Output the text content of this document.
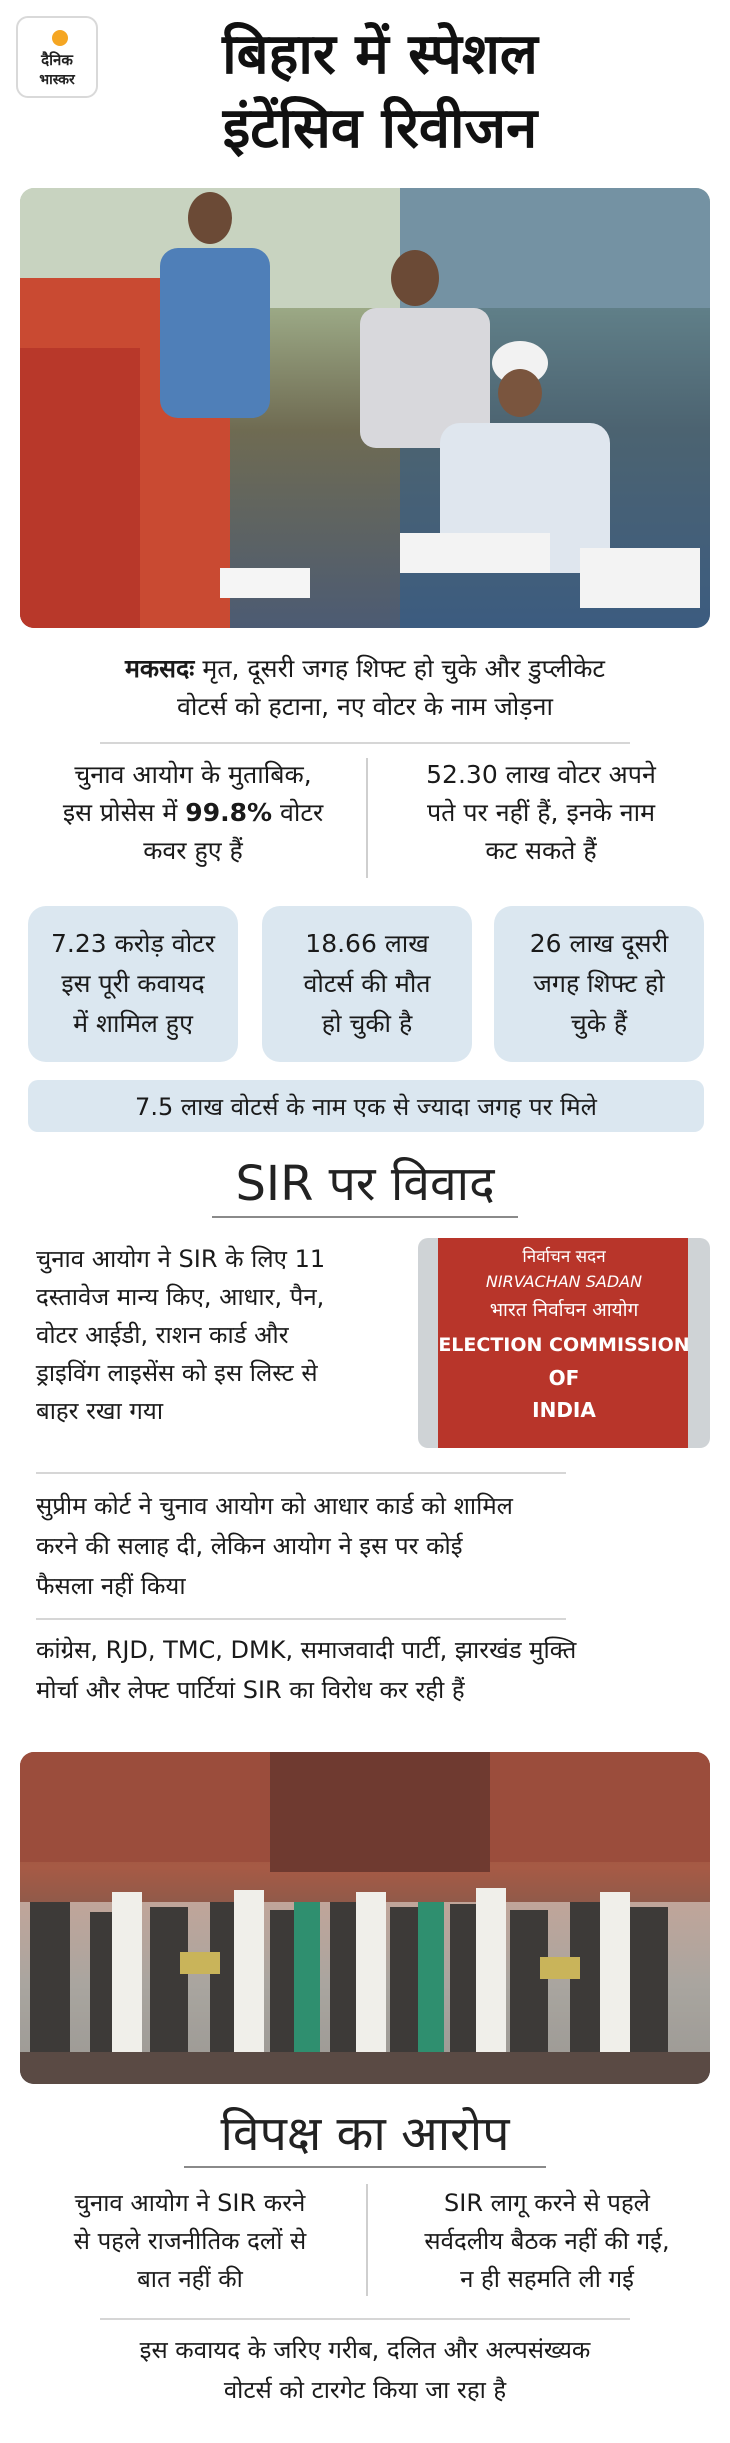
दैनिक
भास्कर	बिहार में स्पेशल
इंटेंसिव रिवीजन
मकसदः मृत, दूसरी जगह शिफ्ट हो चुके और डुप्लीकेट
वोटर्स को हटाना, नए वोटर के नाम जोड़ना
चुनाव आयोग के मुताबिक,
इस प्रोसेस में 99.8% वोटर
कवर हुए हैं
52.30 लाख वोटर अपने
पते पर नहीं हैं, इनके नाम
कट सकते हैं
7.23 करोड़ वोटर
इस पूरी कवायद
में शामिल हुए
18.66 लाख
वोटर्स की मौत
हो चुकी है
26 लाख दूसरी
जगह शिफ्ट हो
चुके हैं
7.5 लाख वोटर्स के नाम एक से ज्यादा जगह पर मिले
SIR पर विवाद
चुनाव आयोग ने SIR के लिए 11
दस्तावेज मान्य किए, आधार, पैन,
वोटर आईडी, राशन कार्ड और
ड्राइविंग लाइसेंस को इस लिस्ट से
बाहर रखा गया
निर्वाचन सदन
NIRVACHAN SADAN
भारत निर्वाचन आयोग
ELECTION COMMISSION
OF
INDIA
सुप्रीम कोर्ट ने चुनाव आयोग को आधार कार्ड को शामिल
करने की सलाह दी, लेकिन आयोग ने इस पर कोई
फैसला नहीं किया
कांग्रेस, RJD, TMC, DMK, समाजवादी पार्टी, झारखंड मुक्ति
मोर्चा और लेफ्ट पार्टियां SIR का विरोध कर रही हैं
विपक्ष का आरोप
चुनाव आयोग ने SIR करने
से पहले राजनीतिक दलों से
बात नहीं की
SIR लागू करने से पहले
सर्वदलीय बैठक नहीं की गई,
न ही सहमति ली गई
इस कवायद के जरिए गरीब, दलित और अल्पसंख्यक
वोटर्स को टारगेट किया जा रहा है
